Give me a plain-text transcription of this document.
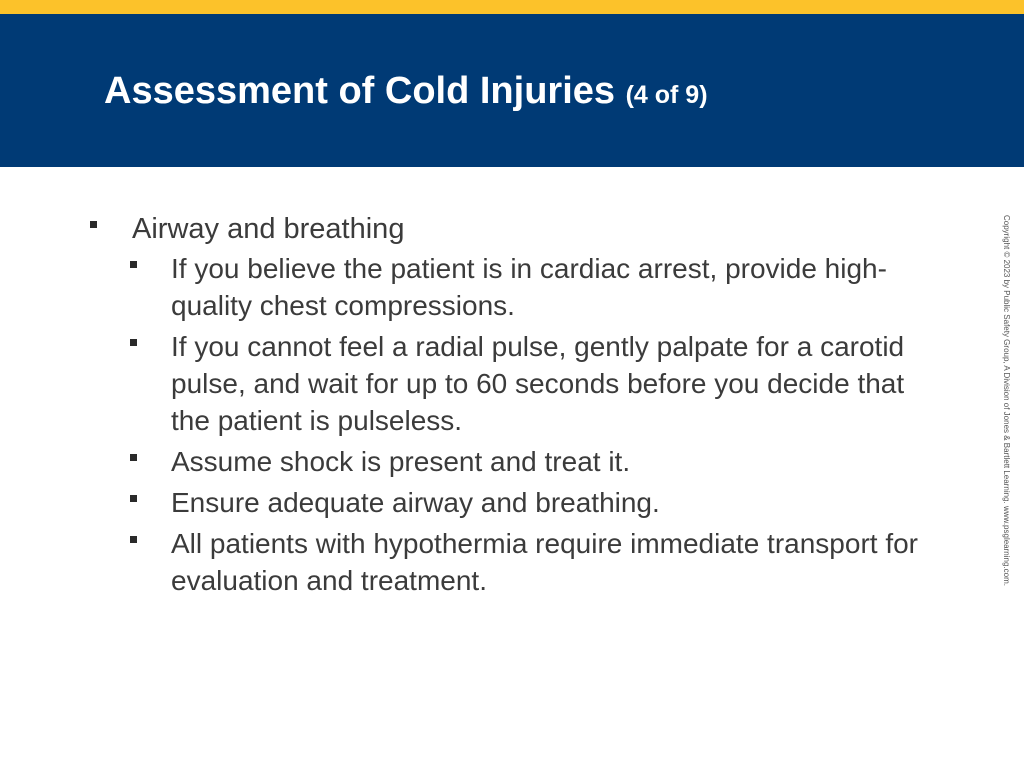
Assessment of Cold Injuries (4 of 9)
Airway and breathing
If you believe the patient is in cardiac arrest, provide high-quality chest compressions.
If you cannot feel a radial pulse, gently palpate for a carotid pulse, and wait for up to 60 seconds before you decide that the patient is pulseless.
Assume shock is present and treat it.
Ensure adequate airway and breathing.
All patients with hypothermia require immediate transport for evaluation and treatment.	Copyright © 2023 by Public Safety Group, A Division of Jones & Bartlett Learning. www.psglearning.com.
